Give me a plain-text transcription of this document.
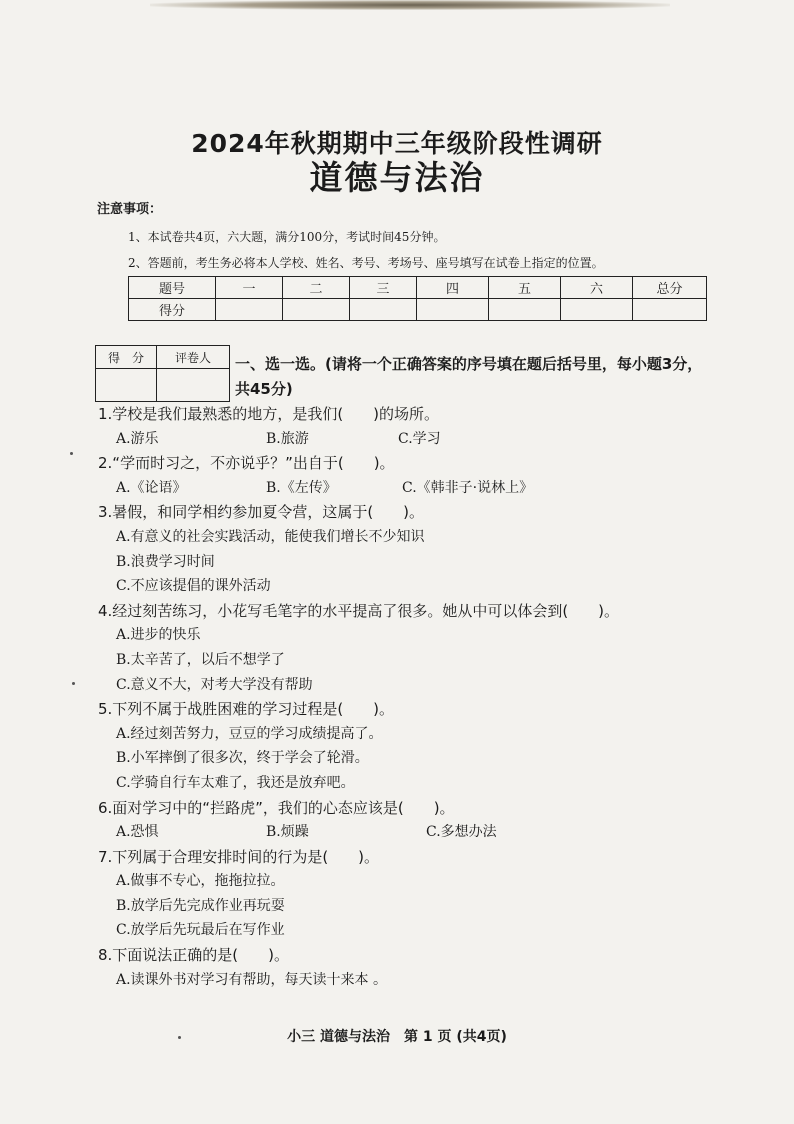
2024年秋期期中三年级阶段性调研
道德与法治
注意事项：
1、本试卷共4页，六大题，满分100分，考试时间45分钟。
2、答题前，考生务必将本人学校、姓名、考号、考场号、座号填写在试卷上指定的位置。
题号	一	二	三	四	五	六	总分
得分							
得　分	评卷人
	一、选一选。(请将一个正确答案的序号填在题后括号里，每小题3分，共45分)
1.学校是我们最熟悉的地方，是我们(　　)的场所。
A.游乐	B.旅游	C.学习
2.“学而时习之，不亦说乎？”出自于(　　)。
A.《论语》	B.《左传》	C.《韩非子·说林上》
3.暑假，和同学相约参加夏令营，这属于(　　)。
A.有意义的社会实践活动，能使我们增长不少知识
B.浪费学习时间
C.不应该提倡的课外活动
4.经过刻苦练习，小花写毛笔字的水平提高了很多。她从中可以体会到(　　)。
A.进步的快乐
B.太辛苦了，以后不想学了
C.意义不大，对考大学没有帮助
5.下列不属于战胜困难的学习过程是(　　)。
A.经过刻苦努力，豆豆的学习成绩提高了。
B.小军摔倒了很多次，终于学会了轮滑。
C.学骑自行车太难了，我还是放弃吧。
6.面对学习中的“拦路虎”，我们的心态应该是(　　)。
A.恐惧	B.烦躁	C.多想办法
7.下列属于合理安排时间的行为是(　　)。
A.做事不专心，拖拖拉拉。
B.放学后先完成作业再玩耍
C.放学后先玩最后在写作业
8.下面说法正确的是(　　)。
A.读课外书对学习有帮助，每天读十来本 。
小三 道德与法治　第 1 页 (共4页)
